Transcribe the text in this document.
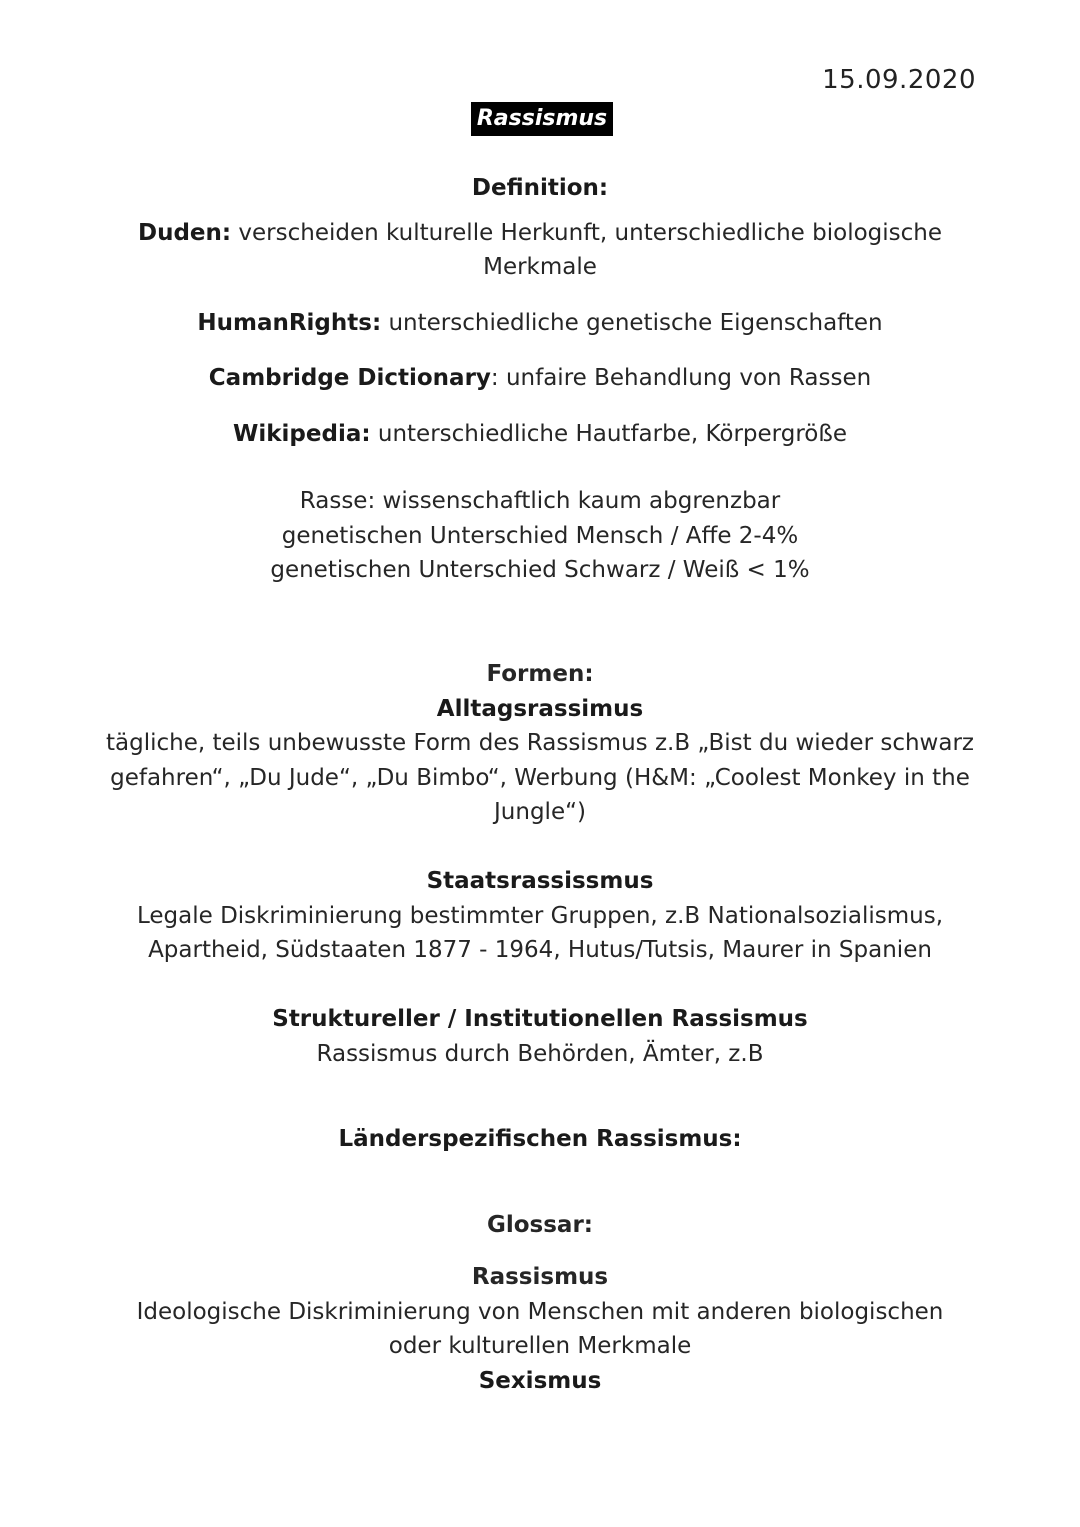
15.09.2020
Rassismus
Definition:
Duden: verscheiden kulturelle Herkunft, unterschiedliche biologische
Merkmale
HumanRights: unterschiedliche genetische Eigenschaften
Cambridge Dictionary: unfaire Behandlung von Rassen
Wikipedia: unterschiedliche Hautfarbe, Körpergröße
Rasse: wissenschaftlich kaum abgrenzbar
genetischen Unterschied Mensch / Affe 2-4%
genetischen Unterschied Schwarz / Weiß < 1%
Formen:
Alltagsrassimus
tägliche, teils unbewusste Form des Rassismus z.B „Bist du wieder schwarz
gefahren“, „Du Jude“, „Du Bimbo“, Werbung (H&M: „Coolest Monkey in the
Jungle“)
Staatsrassissmus
Legale Diskriminierung bestimmter Gruppen, z.B Nationalsozialismus,
Apartheid, Südstaaten 1877 - 1964, Hutus/Tutsis, Maurer in Spanien
Struktureller / Institutionellen Rassismus
Rassismus durch Behörden, Ämter, z.B
Länderspezifischen Rassismus:
Glossar:
Rassismus
Ideologische Diskriminierung von Menschen mit anderen biologischen
oder kulturellen Merkmale
Sexismus
